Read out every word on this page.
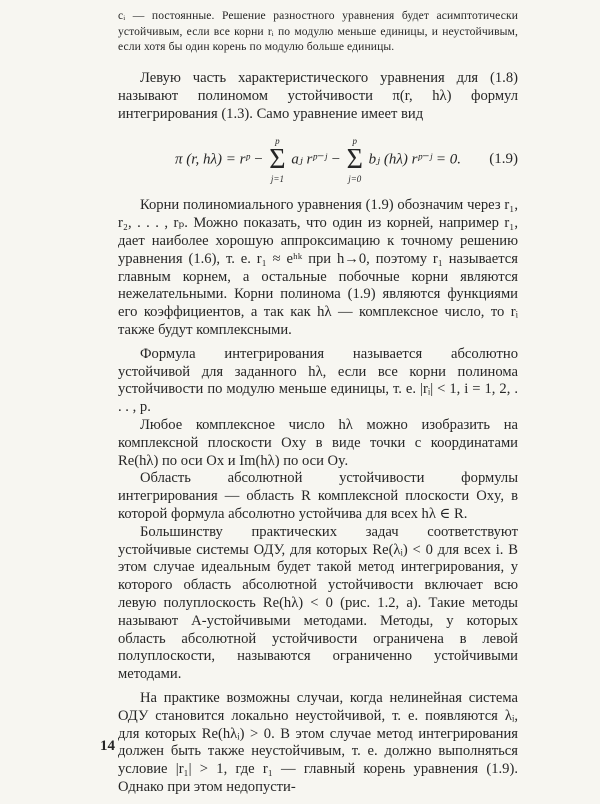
cᵢ — постоянные. Решение разностного уравнения будет асимптотически устойчивым, если все корни rᵢ по модулю меньше единицы, и неустойчивым, если хотя бы один корень по модулю больше единицы.

Левую часть характеристического уравнения для (1.8) называют полиномом устойчивости π(r, hλ) формул интегрирования (1.3). Само уравнение имеет вид

π (r, hλ) = rᵖ −
p
Σ
j=1
aⱼ rᵖ⁻ʲ −
p
Σ
j=0
bⱼ (hλ) rᵖ⁻ʲ = 0. (1.9)

Корни полиномиального уравнения (1.9) обозначим через r₁, r₂, . . . , rₚ. Можно показать, что один из корней, например r₁, дает наиболее хорошую аппроксимацию к точному решению уравнения (1.6), т. е. r₁ ≈ eʰᵏ при h→0, поэтому r₁ называется главным корнем, а остальные побочные корни являются нежелательными. Корни полинома (1.9) являются функциями его коэффициентов, а так как hλ — комплексное число, то rᵢ также будут комплексными.

Формула интегрирования называется абсолютно устойчивой для заданного hλ, если все корни полинома устойчивости по модулю меньше единицы, т. е. |rᵢ| < 1, i = 1, 2, . . . , p.

Любое комплексное число hλ можно изобразить на комплексной плоскости Oxy в виде точки с координатами Re(hλ) по оси Ox и Im(hλ) по оси Oy.

Область абсолютной устойчивости формулы интегрирования — область R комплексной плоскости Oxy, в которой формула абсолютно устойчива для всех hλ ∈ R.

Большинству практических задач соответствуют устойчивые системы ОДУ, для которых Re(λᵢ) < 0 для всех i. В этом случае идеальным будет такой метод интегрирования, у которого область абсолютной устойчивости включает всю левую полуплоскость Re(hλ) < 0 (рис. 1.2, a). Такие методы называют A-устойчивыми методами. Методы, у которых область абсолютной устойчивости ограничена в левой полуплоскости, называются ограниченно устойчивыми методами.

На практике возможны случаи, когда нелинейная система ОДУ становится локально неустойчивой, т. е. появляются λᵢ, для которых Re(hλᵢ) > 0. В этом случае метод интегрирования должен быть также неустойчивым, т. е. должно выполняться условие |r₁| > 1, где r₁ — главный корень уравнения (1.9). Однако при этом недопусти-

14
